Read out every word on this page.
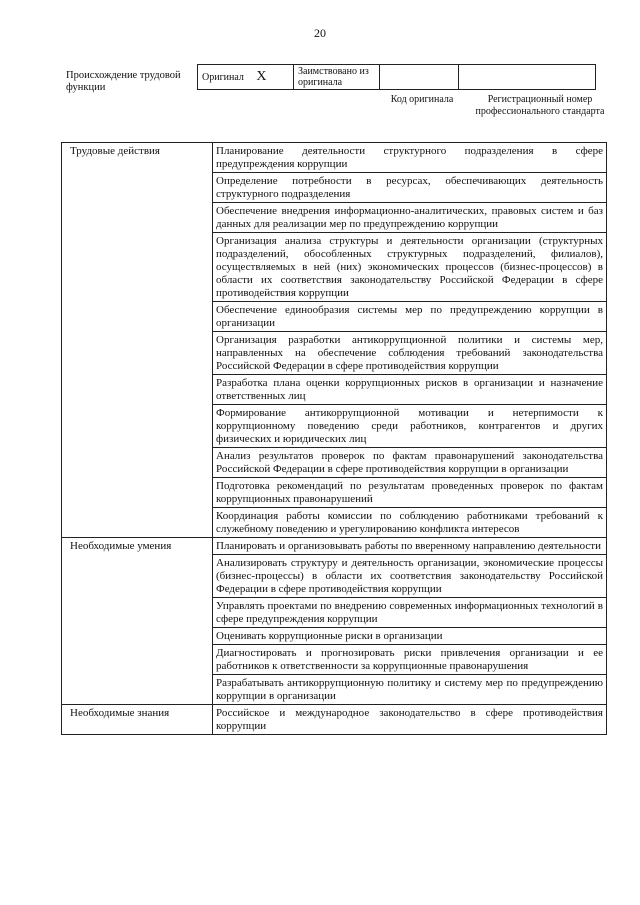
20
Происхождение трудовой функции
Оригинал X	Заимствовано из оригинала		
Код оригинала	Регистрационный номер профессионального стандарта
Трудовые действия	Планирование деятельности структурного подразделения в сфере предупреждения коррупции
	Определение потребности в ресурсах, обеспечивающих деятельность структурного подразделения
	Обеспечение внедрения информационно-аналитических, правовых систем и баз данных для реализации мер по предупреждению коррупции
	Организация анализа структуры и деятельности организации (структурных подразделений, обособленных структурных подразделений, филиалов), осуществляемых в ней (них) экономических процессов (бизнес-процессов) в области их соответствия законодательству Российской Федерации в сфере противодействия коррупции
	Обеспечение единообразия системы мер по предупреждению коррупции в организации
	Организация разработки антикоррупционной политики и системы мер, направленных на обеспечение соблюдения требований законодательства Российской Федерации в сфере противодействия коррупции
	Разработка плана оценки коррупционных рисков в организации и назначение ответственных лиц
	Формирование антикоррупционной мотивации и нетерпимости к коррупционному поведению среди работников, контрагентов и других физических и юридических лиц
	Анализ результатов проверок по фактам правонарушений законодательства Российской Федерации в сфере противодействия коррупции в организации
	Подготовка рекомендаций по результатам проведенных проверок по фактам коррупционных правонарушений
	Координация работы комиссии по соблюдению работниками требований к служебному поведению и урегулированию конфликта интересов
Необходимые умения	Планировать и организовывать работы по вверенному направлению деятельности
	Анализировать структуру и деятельность организации, экономические процессы (бизнес-процессы) в области их соответствия законодательству Российской Федерации в сфере противодействия коррупции
	Управлять проектами по внедрению современных информационных технологий в сфере предупреждения коррупции
	Оценивать коррупционные риски в организации
	Диагностировать и прогнозировать риски привлечения организации и ее работников к ответственности за коррупционные правонарушения
	Разрабатывать антикоррупционную политику и систему мер по предупреждению коррупции в организации
Необходимые знания	Российское и международное законодательство в сфере противодействия коррупции
